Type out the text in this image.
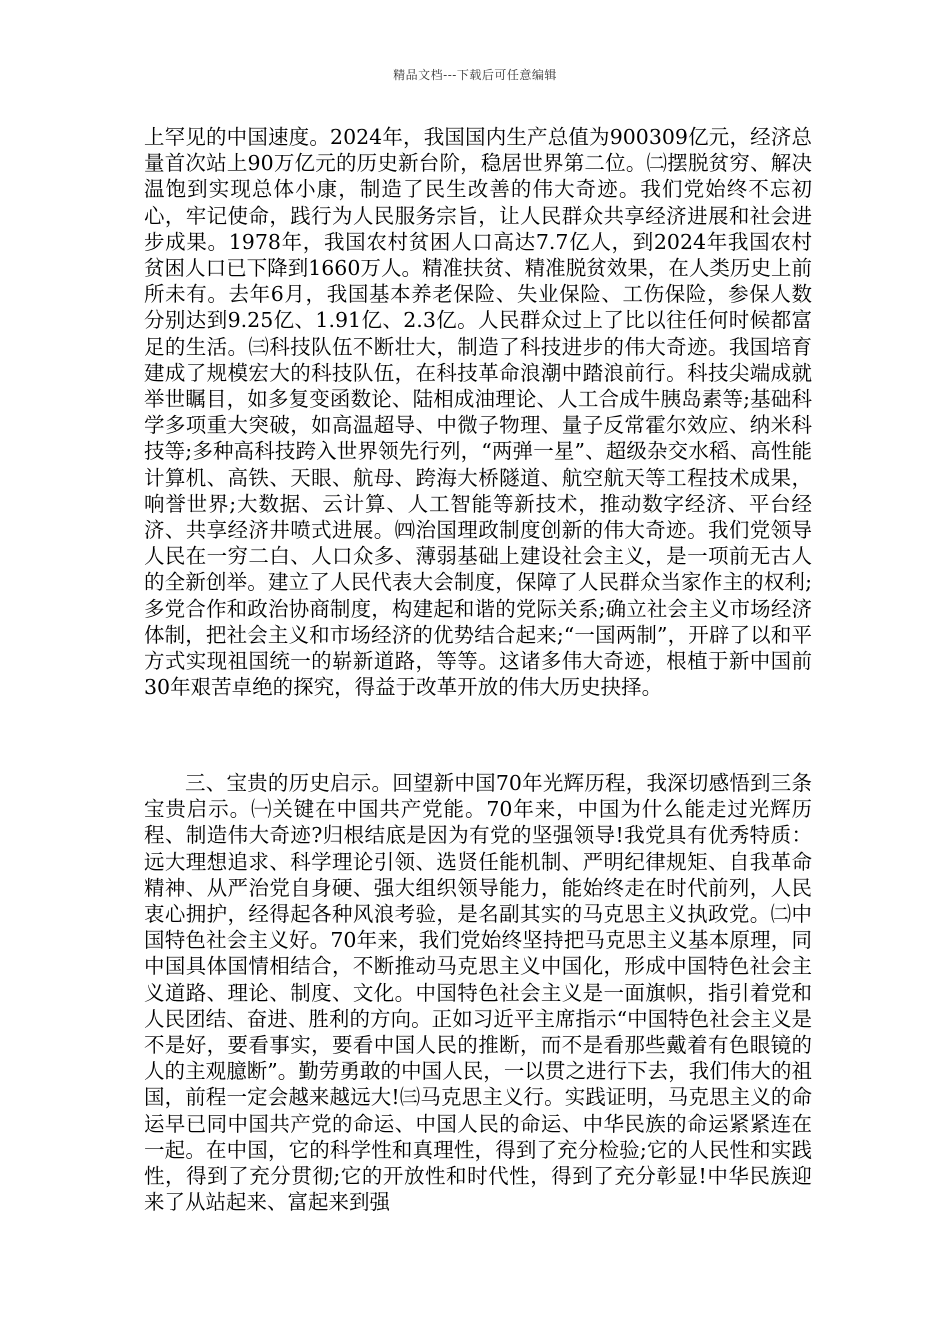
精品文档---下载后可任意编辑

上罕见的中国速度。2024年，我国国内生产总值为900309亿元，经济总量首次站上90万亿元的历史新台阶，稳居世界第二位。㈡摆脱贫穷、解决温饱到实现总体小康，制造了民生改善的伟大奇迹。我们党始终不忘初心，牢记使命，践行为人民服务宗旨，让人民群众共享经济进展和社会进步成果。1978年，我国农村贫困人口高达7.7亿人，到2024年我国农村贫困人口已下降到1660万人。精准扶贫、精准脱贫效果，在人类历史上前所未有。去年6月，我国基本养老保险、失业保险、工伤保险，参保人数分别达到9.25亿、1.91亿、2.3亿。人民群众过上了比以往任何时候都富足的生活。㈢科技队伍不断壮大，制造了科技进步的伟大奇迹。我国培育建成了规模宏大的科技队伍，在科技革命浪潮中踏浪前行。科技尖端成就举世瞩目，如多复变函数论、陆相成油理论、人工合成牛胰岛素等;基础科学多项重大突破，如高温超导、中微子物理、量子反常霍尔效应、纳米科技等;多种高科技跨入世界领先行列，“两弹一星”、超级杂交水稻、高性能计算机、高铁、天眼、航母、跨海大桥隧道、航空航天等工程技术成果，响誉世界;大数据、云计算、人工智能等新技术，推动数字经济、平台经济、共享经济井喷式进展。㈣治国理政制度创新的伟大奇迹。我们党领导人民在一穷二白、人口众多、薄弱基础上建设社会主义，是一项前无古人的全新创举。建立了人民代表大会制度，保障了人民群众当家作主的权利;多党合作和政治协商制度，构建起和谐的党际关系;确立社会主义市场经济体制，把社会主义和市场经济的优势结合起来;“一国两制”，开辟了以和平方式实现祖国统一的崭新道路，等等。这诸多伟大奇迹，根植于新中国前30年艰苦卓绝的探究，得益于改革开放的伟大历史抉择。

三、宝贵的历史启示。回望新中国70年光辉历程，我深切感悟到三条宝贵启示。㈠关键在中国共产党能。70年来，中国为什么能走过光辉历程、制造伟大奇迹?归根结底是因为有党的坚强领导!我党具有优秀特质：远大理想追求、科学理论引领、选贤任能机制、严明纪律规矩、自我革命精神、从严治党自身硬、强大组织领导能力，能始终走在时代前列，人民衷心拥护，经得起各种风浪考验，是名副其实的马克思主义执政党。㈡中国特色社会主义好。70年来，我们党始终坚持把马克思主义基本原理，同中国具体国情相结合，不断推动马克思主义中国化，形成中国特色社会主义道路、理论、制度、文化。中国特色社会主义是一面旗帜，指引着党和人民团结、奋进、胜利的方向。正如习近平主席指示“中国特色社会主义是不是好，要看事实，要看中国人民的推断，而不是看那些戴着有色眼镜的人的主观臆断”。勤劳勇敢的中国人民，一以贯之进行下去，我们伟大的祖国，前程一定会越来越远大!㈢马克思主义行。实践证明，马克思主义的命运早已同中国共产党的命运、中国人民的命运、中华民族的命运紧紧连在一起。在中国，它的科学性和真理性，得到了充分检验;它的人民性和实践性，得到了充分贯彻;它的开放性和时代性，得到了充分彰显!中华民族迎来了从站起来、富起来到强
